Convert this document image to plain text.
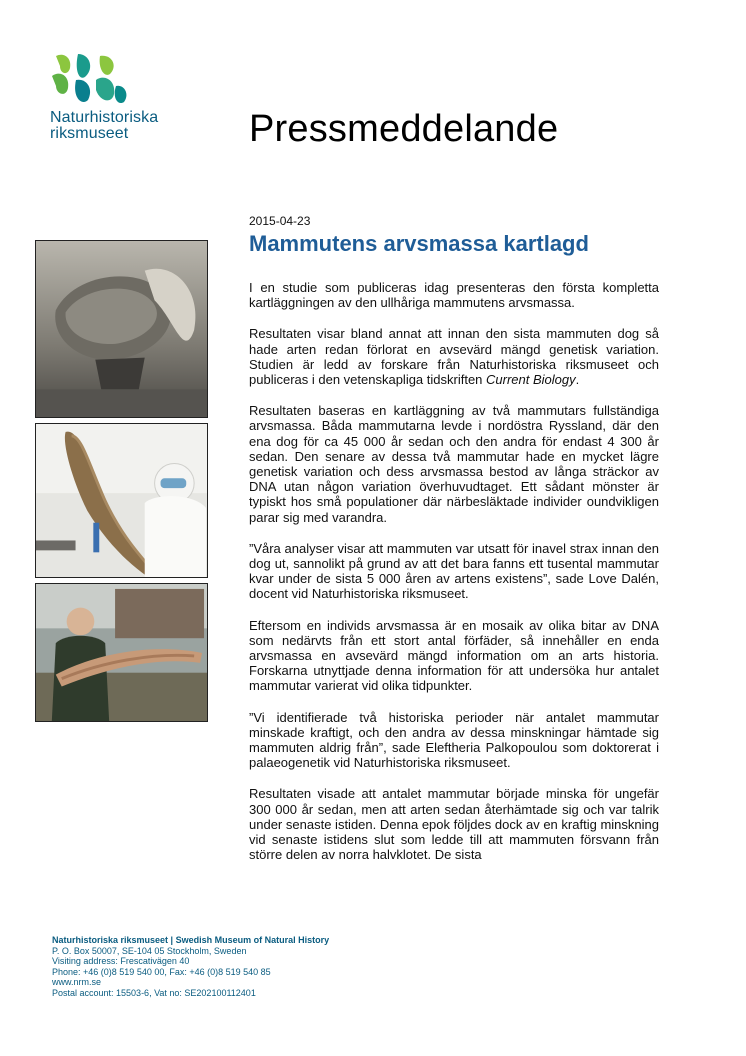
Naturhistoriska
riksmuseet	Pressmeddelande
2015-04-23
Mammutens arvsmassa kartlagd

I en studie som publiceras idag presenteras den första kompletta kartläggningen av den ullhåriga mammutens arvsmassa.

Resultaten visar bland annat att innan den sista mammuten dog så hade arten redan förlorat en avsevärd mängd genetisk variation. Studien är ledd av forskare från Naturhistoriska riksmuseet och publiceras i den vetenskapliga tidskriften Current Biology.

Resultaten baseras en kartläggning av två mammutars fullständiga arvsmassa. Båda mammutarna levde i nordöstra Ryssland, där den ena dog för ca 45 000 år sedan och den andra för endast 4 300 år sedan. Den senare av dessa två mammutar hade en mycket lägre genetisk variation och dess arvsmassa bestod av långa sträckor av DNA utan någon variation överhuvudtaget. Ett sådant mönster är typiskt hos små populationer där närbesläktade individer oundvikligen parar sig med varandra.

”Våra analyser visar att mammuten var utsatt för inavel strax innan den dog ut, sannolikt på grund av att det bara fanns ett tusental mammutar kvar under de sista 5 000 åren av artens existens”, sade Love Dalén, docent vid Naturhistoriska riksmuseet.

Eftersom en individs arvsmassa är en mosaik av olika bitar av DNA som nedärvts från ett stort antal förfäder, så innehåller en enda arvsmassa en avsevärd mängd information om an arts historia. Forskarna utnyttjade denna information för att undersöka hur antalet mammutar varierat vid olika tidpunkter.

”Vi identifierade två historiska perioder när antalet mammutar minskade kraftigt, och den andra av dessa minskningar hämtade sig mammuten aldrig från”, sade Eleftheria Palkopoulou som doktorerat i palaeogenetik vid Naturhistoriska riksmuseet.

Resultaten visade att antalet mammutar började minska för ungefär 300 000 år sedan, men att arten sedan återhämtade sig och var talrik under senaste istiden. Denna epok följdes dock av en kraftig minskning vid senaste istidens slut som ledde till att mammuten försvann från större delen av norra halvklotet. De sista

Naturhistoriska riksmuseet | Swedish Museum of Natural History
P. O. Box 50007, SE-104 05 Stockholm, Sweden
Visiting address: Frescativägen 40
Phone: +46 (0)8 519 540 00, Fax: +46 (0)8 519 540 85
www.nrm.se
Postal account: 15503-6, Vat no: SE202100112401
